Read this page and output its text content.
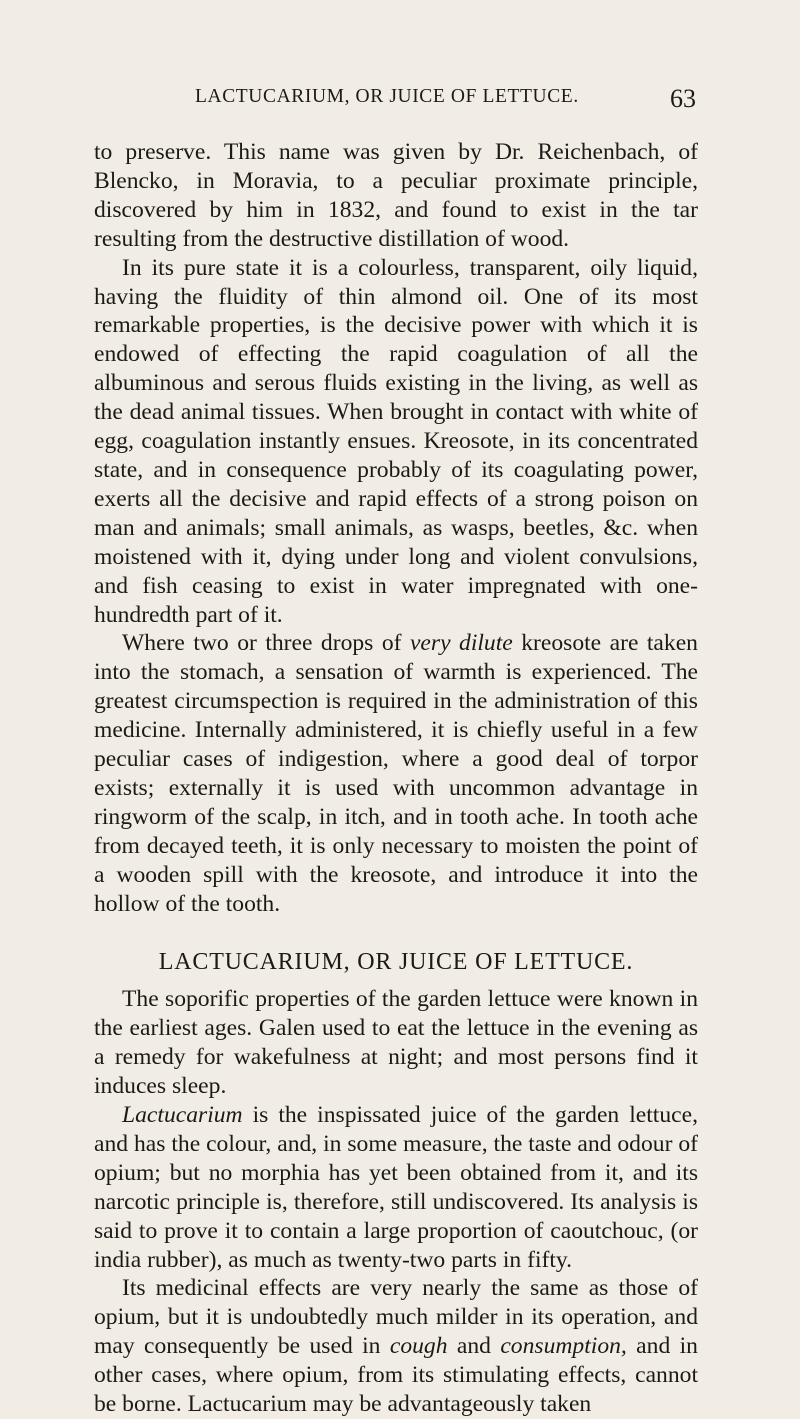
LACTUCARIUM, OR JUICE OF LETTUCE.	63

to preserve. This name was given by Dr. Reichenbach, of Blencko, in Moravia, to a peculiar proximate principle, discovered by him in 1832, and found to exist in the tar resulting from the destructive distillation of wood.

In its pure state it is a colourless, transparent, oily liquid, having the fluidity of thin almond oil. One of its most remarkable properties, is the decisive power with which it is endowed of effecting the rapid coagulation of all the albuminous and serous fluids existing in the living, as well as the dead animal tissues. When brought in contact with white of egg, coagulation instantly ensues. Kreosote, in its concentrated state, and in consequence probably of its coagulating power, exerts all the decisive and rapid effects of a strong poison on man and animals; small animals, as wasps, beetles, &c. when moistened with it, dying under long and violent convulsions, and fish ceasing to exist in water impregnated with one-hundredth part of it.

Where two or three drops of very dilute kreosote are taken into the stomach, a sensation of warmth is experienced. The greatest circumspection is required in the administration of this medicine. Internally administered, it is chiefly useful in a few peculiar cases of indigestion, where a good deal of torpor exists; externally it is used with uncommon advantage in ringworm of the scalp, in itch, and in tooth ache. In tooth ache from decayed teeth, it is only necessary to moisten the point of a wooden spill with the kreosote, and introduce it into the hollow of the tooth.

LACTUCARIUM, OR JUICE OF LETTUCE.

The soporific properties of the garden lettuce were known in the earliest ages. Galen used to eat the lettuce in the evening as a remedy for wakefulness at night; and most persons find it induces sleep.

Lactucarium is the inspissated juice of the garden lettuce, and has the colour, and, in some measure, the taste and odour of opium; but no morphia has yet been obtained from it, and its narcotic principle is, therefore, still undiscovered. Its analysis is said to prove it to contain a large proportion of caoutchouc, (or india rubber), as much as twenty-two parts in fifty.

Its medicinal effects are very nearly the same as those of opium, but it is undoubtedly much milder in its operation, and may consequently be used in cough and consumption, and in other cases, where opium, from its stimulating effects, cannot be borne. Lactucarium may be advantageously taken
